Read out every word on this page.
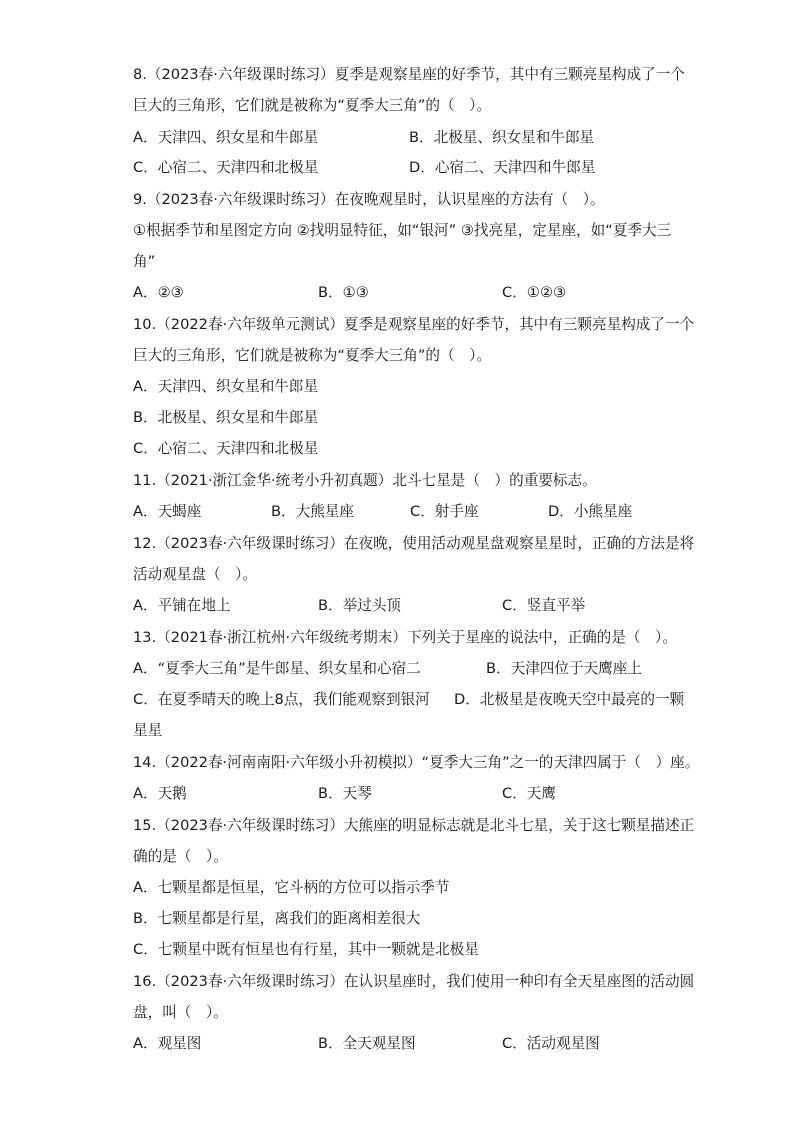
8.（2023春·六年级课时练习）夏季是观察星座的好季节，其中有三颗亮星构成了一个
巨大的三角形，它们就是被称为“夏季大三角”的（　）。
A．天津四、织女星和牛郎星	B．北极星、织女星和牛郎星
C．心宿二、天津四和北极星	D．心宿二、天津四和牛郎星
9.（2023春·六年级课时练习）在夜晚观星时，认识星座的方法有（　）。
①根据季节和星图定方向 ②找明显特征，如“银河” ③找亮星，定星座，如“夏季大三
角”
A．②③	B．①③	C．①②③
10.（2022春·六年级单元测试）夏季是观察星座的好季节，其中有三颗亮星构成了一个
巨大的三角形，它们就是被称为“夏季大三角”的（　）。
A．天津四、织女星和牛郎星
B．北极星、织女星和牛郎星
C．心宿二、天津四和北极星
11.（2021·浙江金华·统考小升初真题）北斗七星是（　）的重要标志。
A．天蝎座	B．大熊星座	C．射手座	D．小熊星座
12.（2023春·六年级课时练习）在夜晚，使用活动观星盘观察星星时，正确的方法是将
活动观星盘（　）。
A．平铺在地上	B．举过头顶	C．竖直平举
13.（2021春·浙江杭州·六年级统考期末）下列关于星座的说法中，正确的是（　）。
A．“夏季大三角”是牛郎星、织女星和心宿二	B．天津四位于天鹰座上
C．在夏季晴天的晚上8点，我们能观察到银河 D．北极星是夜晚天空中最亮的一颗
星星
14.（2022春·河南南阳·六年级小升初模拟）“夏季大三角”之一的天津四属于（　）座。
A．天鹅	B．天琴	C．天鹰
15.（2023春·六年级课时练习）大熊座的明显标志就是北斗七星，关于这七颗星描述正
确的是（　）。
A．七颗星都是恒星，它斗柄的方位可以指示季节
B．七颗星都是行星，离我们的距离相差很大
C．七颗星中既有恒星也有行星，其中一颗就是北极星
16.（2023春·六年级课时练习）在认识星座时，我们使用一种印有全天星座图的活动圆
盘，叫（　）。
A．观星图	B．全天观星图	C．活动观星图
